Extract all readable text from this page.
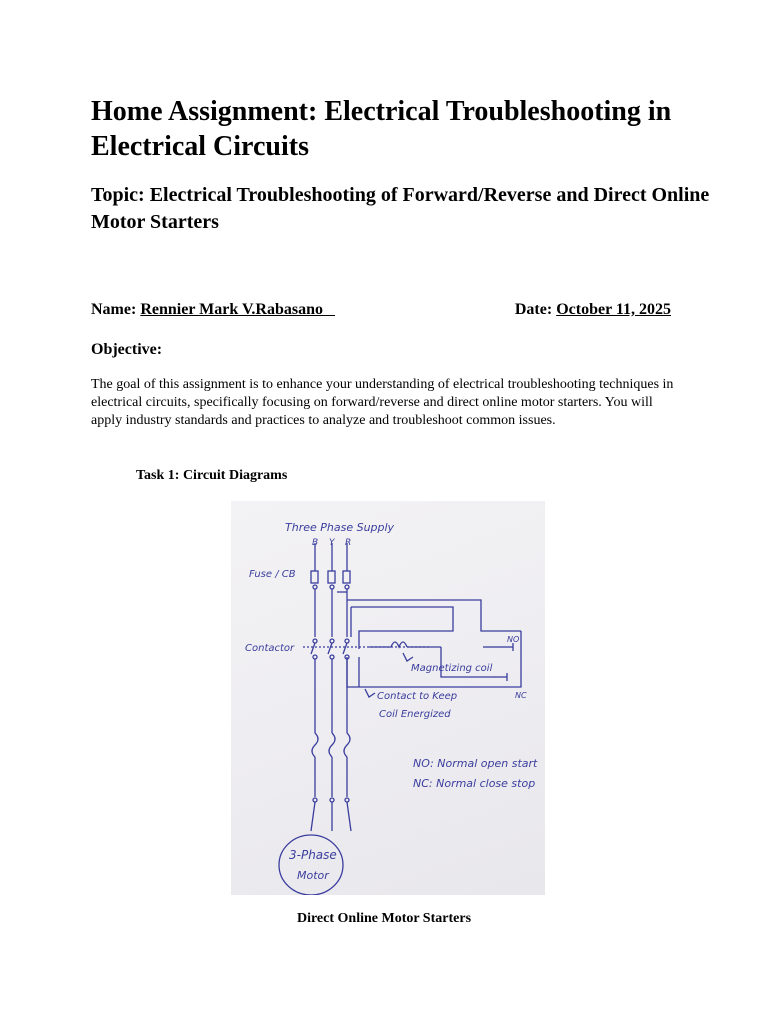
Home Assignment: Electrical Troubleshooting in Electrical Circuits
Topic: Electrical Troubleshooting of Forward/Reverse and Direct Online Motor Starters
Name: Rennier Mark V.Rabasano	Date: October 11, 2025
Objective:

The goal of this assignment is to enhance your understanding of electrical troubleshooting techniques in electrical circuits, specifically focusing on forward/reverse and direct online motor starters. You will apply industry standards and practices to analyze and troubleshoot common issues.

Task 1: Circuit Diagrams
Three Phase Supply
B Y R
Fuse / CB
Contactor
NO
NC
Magnetizing coil
Contact to Keep
Coil Energized
NO: Normal open start
NC: Normal close stop
3-Phase
Motor
Direct Online Motor Starters
